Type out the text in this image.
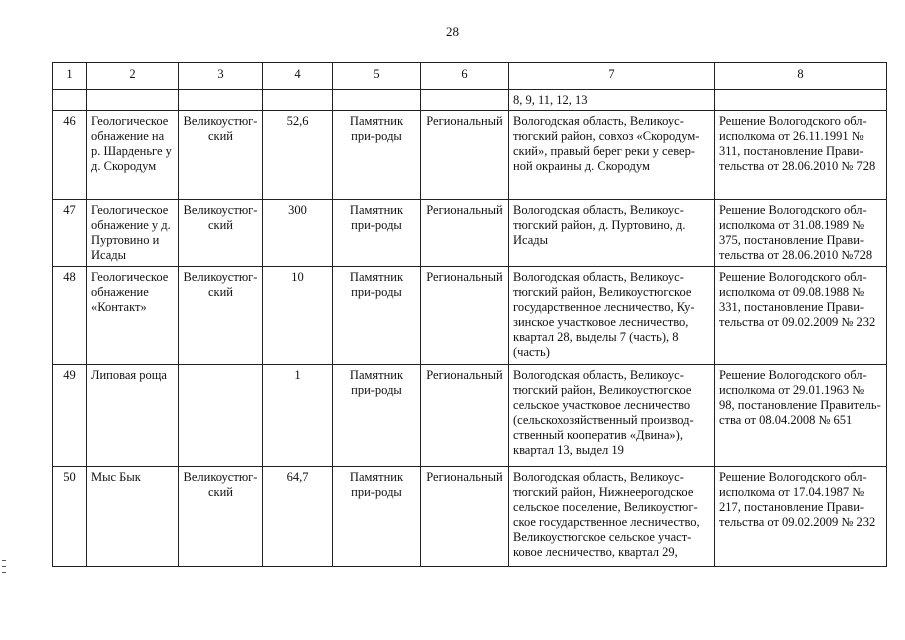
28
1	2	3	4	5	6	7	8
						8, 9, 11, 12, 13	
46	Геологическое обнажение на р. Шарденьге у д. Скородум	Великоустюг-ский	52,6	Памятник при-роды	Региональный	Вологодская область, Великоус-тюгский район, совхоз «Скородум-ский», правый берег реки у север-ной окраины д. Скородум	Решение Вологодского обл-исполкома от 26.11.1991 № 311, постановление Прави-тельства от 28.06.2010 № 728
47	Геологическое обнажение у д. Пуртовино и Исады	Великоустюг-ский	300	Памятник при-роды	Региональный	Вологодская область, Великоус-тюгский район, д. Пуртовино, д. Исады	Решение Вологодского обл-исполкома от 31.08.1989 № 375, постановление Прави-тельства от 28.06.2010 №728
48	Геологическое обнажение «Контакт»	Великоустюг-ский	10	Памятник при-роды	Региональный	Вологодская область, Великоус-тюгский район, Великоустюгское государственное лесничество, Ку-зинское участковое лесничество, квартал 28, выделы 7 (часть), 8 (часть)	Решение Вологодского обл-исполкома от 09.08.1988 № 331, постановление Прави-тельства от 09.02.2009 № 232
49	Липовая роща		1	Памятник при-роды	Региональный	Вологодская область, Великоус-тюгский район, Великоустюгское сельское участковое лесничество (сельскохозяйственный производ-ственный кооператив «Двина»), квартал 13, выдел 19	Решение Вологодского обл-исполкома от 29.01.1963 № 98, постановление Правитель-ства от 08.04.2008 № 651
50	Мыс Бык	Великоустюг-ский	64,7	Памятник при-роды	Региональный	Вологодская область, Великоус-тюгский район, Нижнеерогодское сельское поселение, Великоустюг-ское государственное лесничество, Великоустюгское сельское участ-ковое лесничество, квартал 29,	Решение Вологодского обл-исполкома от 17.04.1987 № 217, постановление Прави-тельства от 09.02.2009 № 232
